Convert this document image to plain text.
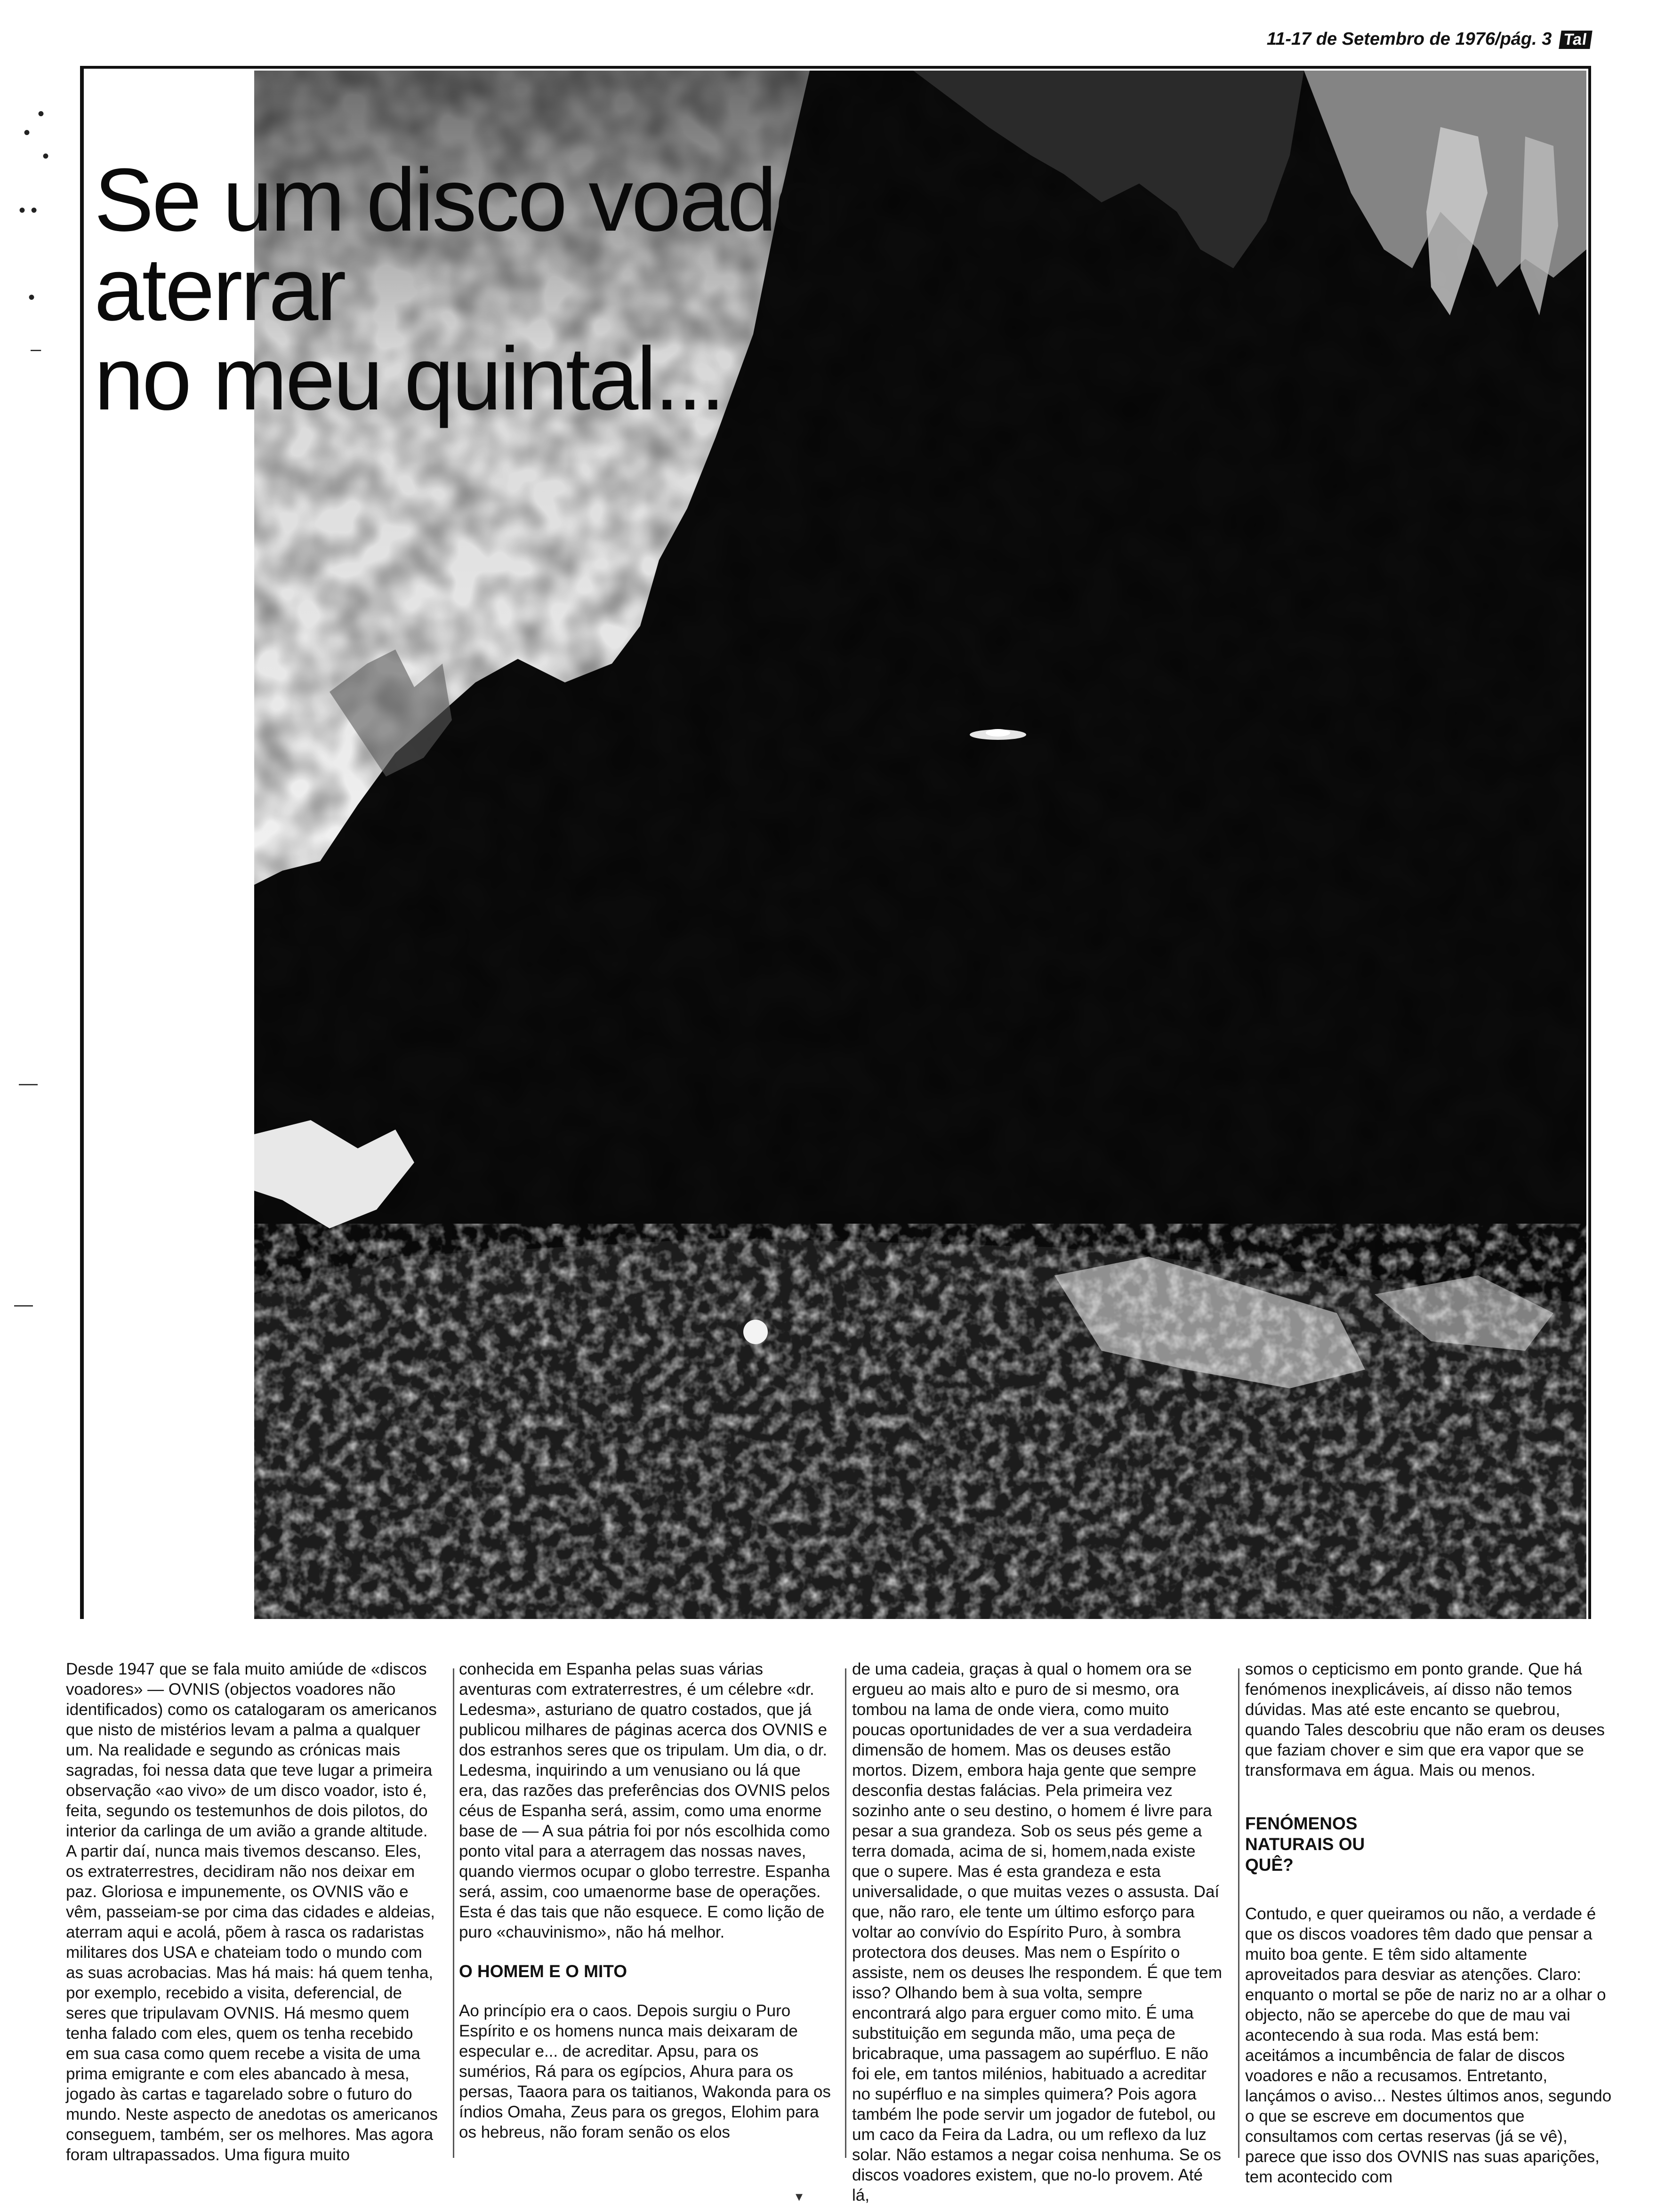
11-17 de Setembro de 1976/pág. 3 Tal
•
•
•
• •
•
–
—
—
Se um disco voador
aterrar
no meu quintal...

Desde 1947 que se fala muito amiúde de «discos voadores» — OVNIS (objectos voadores não identificados) como os catalogaram os americanos que nisto de mistérios levam a palma a qualquer um. Na realidade e segundo as crónicas mais sagradas, foi nessa data que teve lugar a primeira observação «ao vivo» de um disco voador, isto é, feita, segundo os testemunhos de dois pilotos, do interior da carlinga de um avião a grande altitude. A partir daí, nunca mais tivemos descanso. Eles, os extraterrestres, decidiram não nos deixar em paz. Gloriosa e impunemente, os OVNIS vão e vêm, passeiam-se por cima das cidades e aldeias, aterram aqui e acolá, põem à rasca os radaristas militares dos USA e chateiam todo o mundo com as suas acrobacias. Mas há mais: há quem tenha, por exemplo, recebido a visita, deferencial, de seres que tripulavam OVNIS. Há mesmo quem tenha falado com eles, quem os tenha recebido em sua casa como quem recebe a visita de uma prima emigrante e com eles abancado à mesa, jogado às cartas e tagarelado sobre o futuro do mundo. Neste aspecto de anedotas os americanos conseguem, também, ser os melhores. Mas agora foram ultrapassados. Uma figura muito

conhecida em Espanha pelas suas várias aventuras com extraterrestres, é um célebre «dr. Ledesma», asturiano de quatro costados, que já publicou milhares de páginas acerca dos OVNIS e dos estranhos seres que os tripulam. Um dia, o dr. Ledesma, inquirindo a um venusiano ou lá que era, das razões das preferências dos OVNIS pelos céus de Espanha será, assim, como uma enorme base de — A sua pátria foi por nós escolhida como ponto vital para a aterragem das nossas naves, quando viermos ocupar o globo terrestre. Espanha será, assim, coo umaenorme base de operações. Esta é das tais que não esquece. E como lição de puro «chauvinismo», não há melhor.

O HOMEM E O MITO

Ao princípio era o caos. Depois surgiu o Puro Espírito e os homens nunca mais deixaram de especular e... de acreditar. Apsu, para os sumérios, Rá para os egípcios, Ahura para os persas, Taaora para os taitianos, Wakonda para os índios Omaha, Zeus para os gregos, Elohim para os hebreus, não foram senão os elos

de uma cadeia, graças à qual o homem ora se ergueu ao mais alto e puro de si mesmo, ora tombou na lama de onde viera, como muito poucas oportunidades de ver a sua verdadeira dimensão de homem. Mas os deuses estão mortos. Dizem, embora haja gente que sempre desconfia destas falácias. Pela primeira vez sozinho ante o seu destino, o homem é livre para pesar a sua grandeza. Sob os seus pés geme a terra domada, acima de si, homem,nada existe que o supere. Mas é esta grandeza e esta universalidade, o que muitas vezes o assusta. Daí que, não raro, ele tente um último esforço para voltar ao convívio do Espírito Puro, à sombra protectora dos deuses. Mas nem o Espírito o assiste, nem os deuses lhe respondem. É que tem isso? Olhando bem à sua volta, sempre encontrará algo para erguer como mito. É uma substituição em segunda mão, uma peça de bricabraque, uma passagem ao supérfluo. E não foi ele, em tantos milénios, habituado a acreditar no supérfluo e na simples quimera? Pois agora também lhe pode servir um jogador de futebol, ou um caco da Feira da Ladra, ou um reflexo da luz solar. Não estamos a negar coisa nenhuma. Se os discos voadores existem, que no-lo provem. Até lá,

somos o cepticismo em ponto grande. Que há fenómenos inexplicáveis, aí disso não temos dúvidas. Mas até este encanto se quebrou, quando Tales descobriu que não eram os deuses que faziam chover e sim que era vapor que se transformava em água. Mais ou menos.

FENÓMENOS NATURAIS OU QUÊ?

Contudo, e quer queiramos ou não, a verdade é que os discos voadores têm dado que pensar a muito boa gente. E têm sido altamente aproveitados para desviar as atenções. Claro: enquanto o mortal se põe de nariz no ar a olhar o objecto, não se apercebe do que de mau vai acontecendo à sua roda. Mas está bem: aceitámos a incumbência de falar de discos voadores e não a recusamos. Entretanto, lançámos o aviso... Nestes últimos anos, segundo o que se escreve em documentos que consultamos com certas reservas (já se vê), parece que isso dos OVNIS nas suas aparições, tem acontecido com

▾
